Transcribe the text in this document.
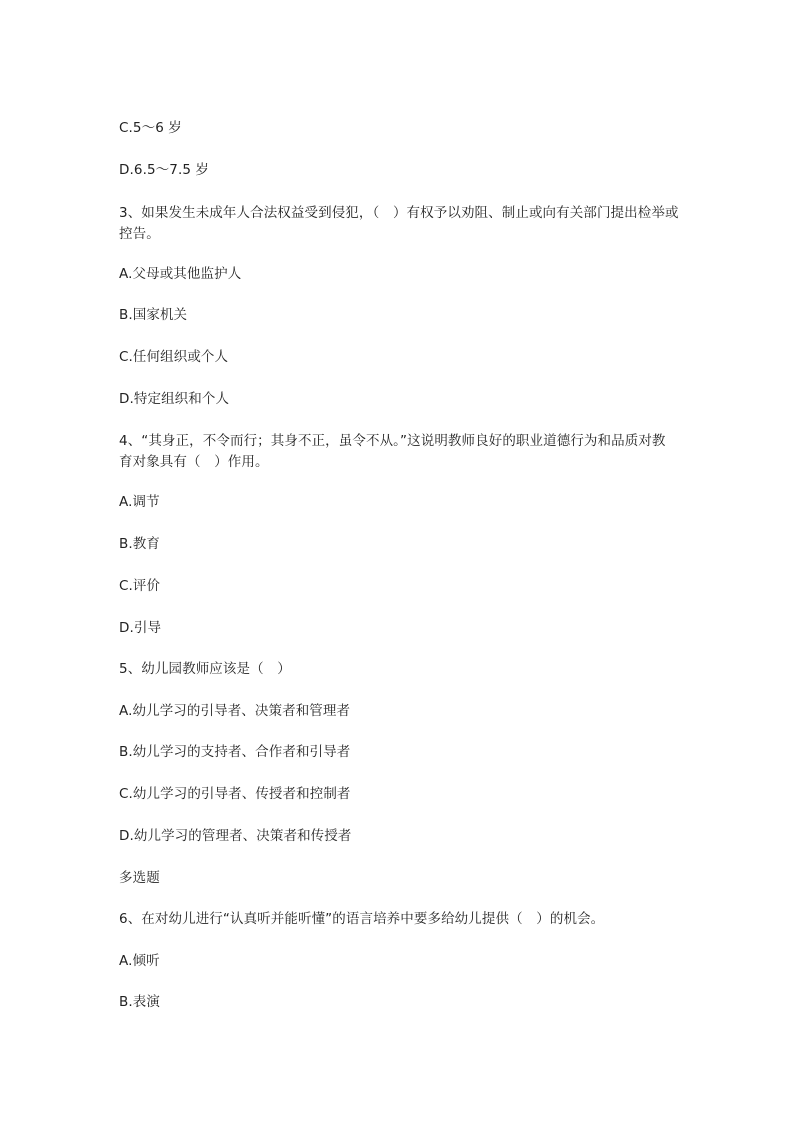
C.5～6 岁
D.6.5～7.5 岁
3、如果发生未成年人合法权益受到侵犯，（　）有权予以劝阻、制止或向有关部门提出检举或控告。
A.父母或其他监护人
B.国家机关
C.任何组织或个人
D.特定组织和个人
4、“其身正，不令而行；其身不正，虽令不从。”这说明教师良好的职业道德行为和品质对教育对象具有（　）作用。
A.调节
B.教育
C.评价
D.引导
5、幼儿园教师应该是（　）
A.幼儿学习的引导者、决策者和管理者
B.幼儿学习的支持者、合作者和引导者
C.幼儿学习的引导者、传授者和控制者
D.幼儿学习的管理者、决策者和传授者
多选题
6、在对幼儿进行“认真听并能听懂”的语言培养中要多给幼儿提供（　）的机会。
A.倾听
B.表演
